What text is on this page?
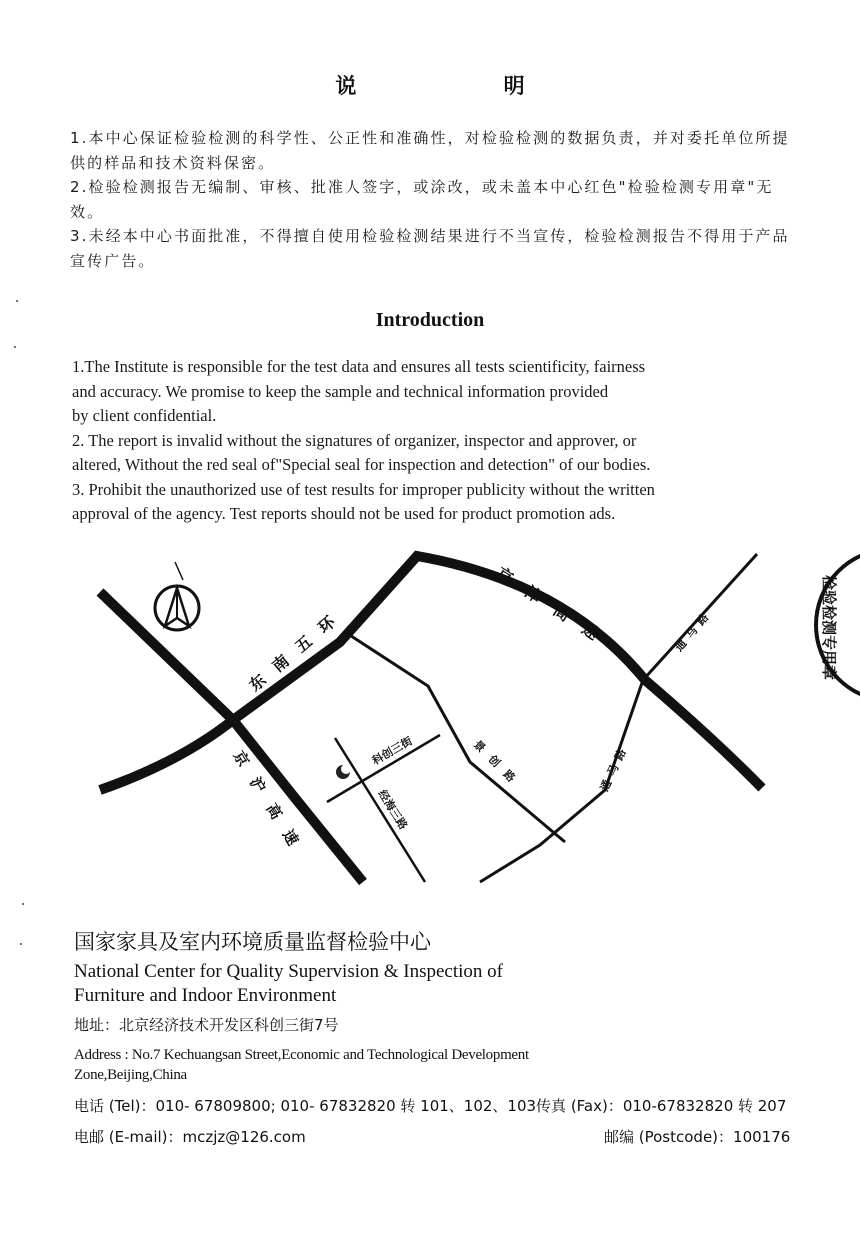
说 明
1.本中心保证检验检测的科学性、公正性和准确性，对检验检测的数据负责，并对委托单位所提供的样品和技术资料保密。
2.检验检测报告无编制、审核、批准人签字，或涂改，或未盖本中心红色"检验检测专用章"无效。
3.未经本中心书面批准，不得擅自使用检验检测结果进行不当宣传，检验检测报告不得用于产品宣传广告。
Introduction
1.The Institute is responsible for the test data and ensures all tests scientificity, fairness
and accuracy. We promise to keep the sample and technical information provided
by client confidential.
2. The report is invalid without the signatures of organizer, inspector and approver, or
altered, Without the red seal of"Special seal for inspection and detection" of our bodies.
3. Prohibit the unauthorized use of test results for improper publicity without the written
approval of the agency. Test reports should not be used for product promotion ads.
东南五环	京津高速
京沪高速	科创三街	景创路
经海三路
通马路
通马路
检验检测专用章
国家家具及室内环境质量监督检验中心
National Center for Quality Supervision & Inspection of
Furniture and Indoor Environment
地址：北京经济技术开发区科创三街7号
Address : No.7 Kechuangsan Street,Economic and Technological Development
Zone,Beijing,China
电话 (Tel)：010- 67809800; 010- 67832820 转 101、102、103传真 (Fax)：010-67832820 转 207
电邮 (E-mail)：mczjz@126.com	邮编 (Postcode)：100176
